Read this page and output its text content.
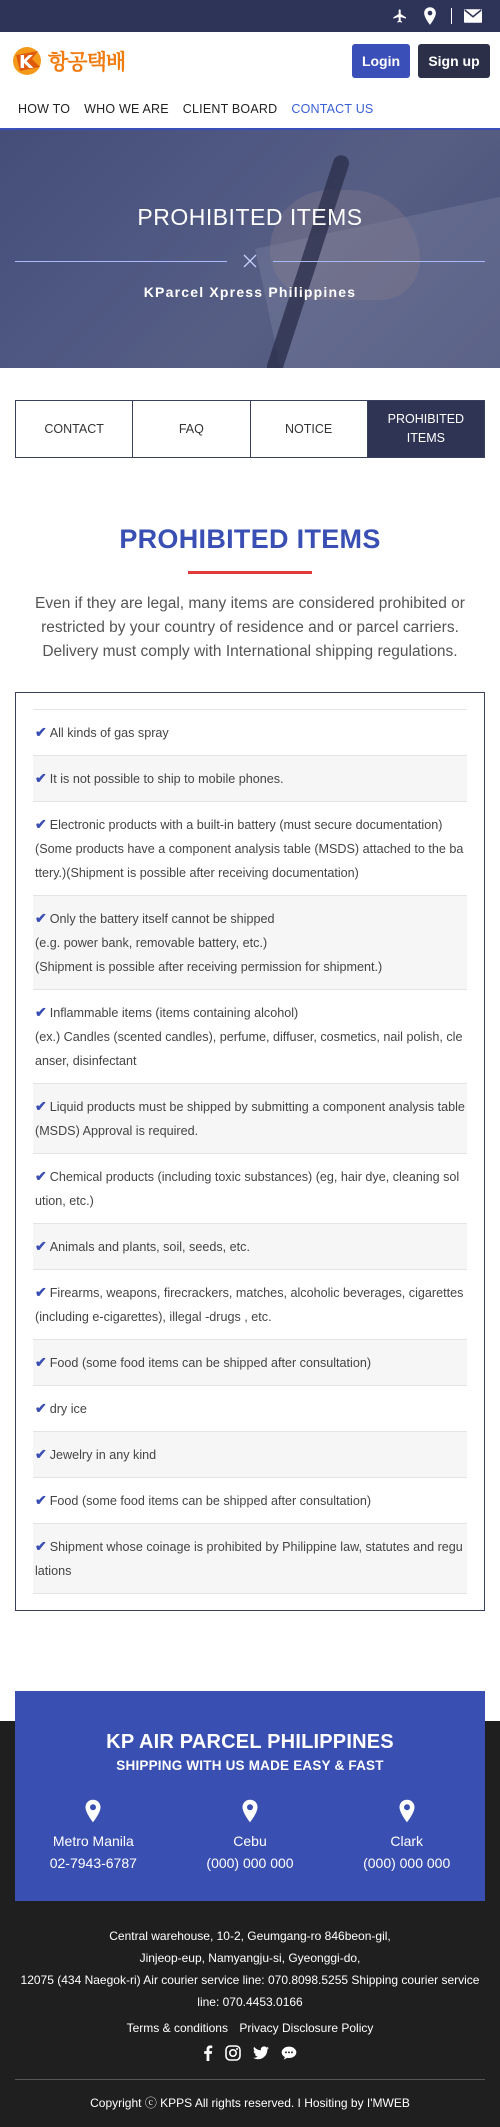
K 항공택배	Login	Sign up
HOW TO WHO WE ARE CLIENT BOARD CONTACT US
PROHIBITED ITEMS
KParcel Xpress Philippines
CONTACT	FAQ	NOTICE
PROHIBITED ITEMS
PROHIBITED ITEMS

Even if they are legal, many items are considered prohibited or restricted by your country of residence and or parcel carriers. Delivery must comply with International shipping regulations.

✔ All kinds of gas spray
✔ It is not possible to ship to mobile phones.
✔ Electronic products with a built-in battery (must secure documentation)
(Some products have a component analysis table (MSDS) attached to the battery.)(Shipment is possible after receiving documentation)
✔ Only the battery itself cannot be shipped
(e.g. power bank, removable battery, etc.)
(Shipment is possible after receiving permission for shipment.)
✔ Inflammable items (items containing alcohol)
(ex.) Candles (scented candles), perfume, diffuser, cosmetics, nail polish, cleanser, disinfectant
✔ Liquid products must be shipped by submitting a component analysis table (MSDS) Approval is required.
✔ Chemical products (including toxic substances) (eg, hair dye, cleaning solution, etc.)
✔ Animals and plants, soil, seeds, etc.
✔ Firearms, weapons, firecrackers, matches, alcoholic beverages, cigarettes
(including e-cigarettes), illegal -drugs , etc.
✔ Food (some food items can be shipped after consultation)
✔ dry ice
✔ Jewelry in any kind
✔ Food (some food items can be shipped after consultation)
✔ Shipment whose coinage is prohibited by Philippine law, statutes and regulations
KP AIR PARCEL PHILIPPINES
SHIPPING WITH US MADE EASY & FAST
Metro Manila
02-7943-6787
Cebu
(000) 000 000
Clark
(000) 000 000
Central warehouse, 10-2, Geumgang-ro 846beon-gil,
Jinjeop-eup, Namyangju-si, Gyeonggi-do,
12075 (434 Naegok-ri) Air courier service line: 070.8098.5255 Shipping courier service line: 070.4453.0166
Terms & conditions Privacy Disclosure Policy
Copyright ⓒ KPPS All rights reserved. I Hositing by I'MWEB
